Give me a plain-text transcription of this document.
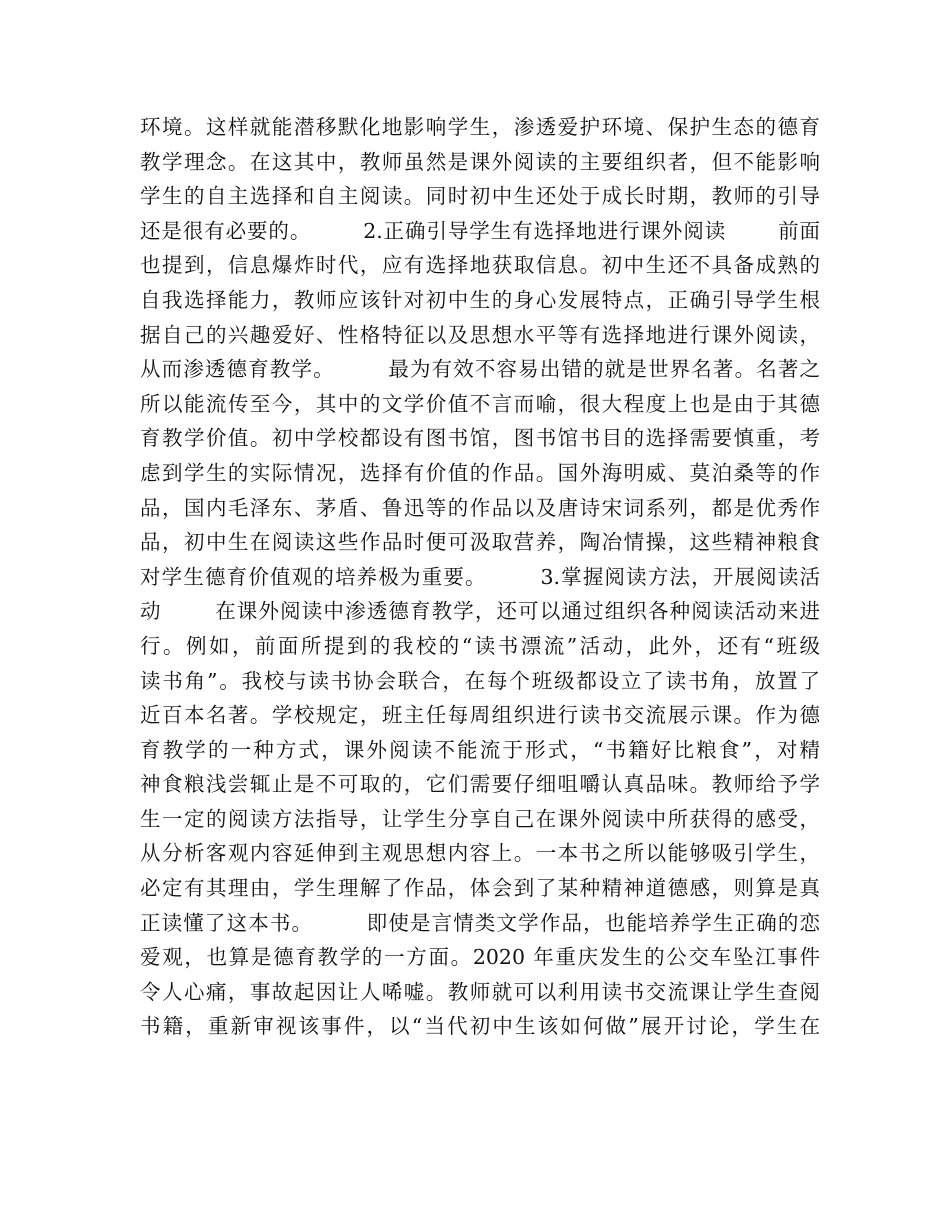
环境。这样就能潜移默化地影响学生，渗透爱护环境、保护生态的德育
教学理念。在这其中，教师虽然是课外阅读的主要组织者，但不能影响
学生的自主选择和自主阅读。同时初中生还处于成长时期，教师的引导
还是很有必要的。       2.正确引导学生有选择地进行课外阅读       前面
也提到，信息爆炸时代，应有选择地获取信息。初中生还不具备成熟的
自我选择能力，教师应该针对初中生的身心发展特点，正确引导学生根
据自己的兴趣爱好、性格特征以及思想水平等有选择地进行课外阅读，
从而渗透德育教学。       最为有效不容易出错的就是世界名著。名著之
所以能流传至今，其中的文学价值不言而喻，很大程度上也是由于其德
育教学价值。初中学校都设有图书馆，图书馆书目的选择需要慎重，考
虑到学生的实际情况，选择有价值的作品。国外海明威、莫泊桑等的作
品，国内毛泽东、茅盾、鲁迅等的作品以及唐诗宋词系列，都是优秀作
品，初中生在阅读这些作品时便可汲取营养，陶冶情操，这些精神粮食
对学生德育价值观的培养极为重要。       3.掌握阅读方法，开展阅读活
动       在课外阅读中渗透德育教学，还可以通过组织各种阅读活动来进
行。例如，前面所提到的我校的“读书漂流”活动，此外，还有“班级
读书角”。我校与读书协会联合，在每个班级都设立了读书角，放置了
近百本名著。学校规定，班主任每周组织进行读书交流展示课。作为德
育教学的一种方式，课外阅读不能流于形式，“书籍好比粮食”，对精
神食粮浅尝辄止是不可取的，它们需要仔细咀嚼认真品味。教师给予学
生一定的阅读方法指导，让学生分享自己在课外阅读中所获得的感受，
从分析客观内容延伸到主观思想内容上。一本书之所以能够吸引学生，
必定有其理由，学生理解了作品，体会到了某种精神道德感，则算是真
正读懂了这本书。       即使是言情类文学作品，也能培养学生正确的恋
爱观，也算是德育教学的一方面。2020 年重庆发生的公交车坠江事件
令人心痛，事故起因让人唏嘘。教师就可以利用读书交流课让学生查阅
书籍，重新审视该事件，以“当代初中生该如何做”展开讨论，学生在
